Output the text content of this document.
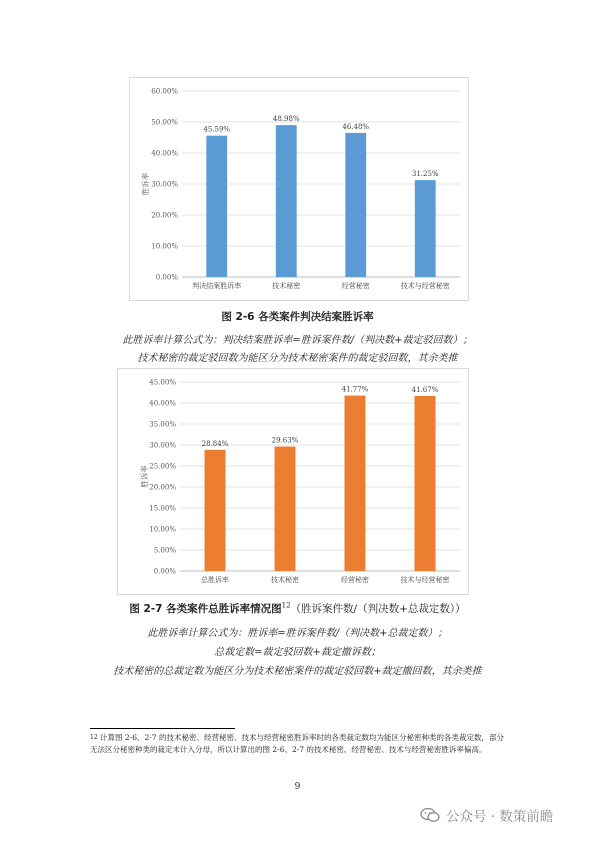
0.00%
10.00%
20.00%
30.00%
40.00%
50.00%
60.00%
45.59%
判决结案胜诉率
48.98%
技术秘密
46.48%
经营秘密
31.25%
技术与经营秘密
胜诉率
图 2-6 各类案件判决结案胜诉率
此胜诉率计算公式为：判决结案胜诉率=胜诉案件数/（判决数+裁定驳回数）；
技术秘密的裁定驳回数为能区分为技术秘密案件的裁定驳回数，其余类推
0.00%
5.00%
10.00%
15.00%
20.00%
25.00%
30.00%
35.00%
40.00%
45.00%
28.84%
总胜诉率
29.63%
技术秘密
41.77%
经营秘密
41.67%
技术与经营秘密
胜诉率
图 2-7 各类案件总胜诉率情况图$^{12}$（胜诉案件数/（判决数+总裁定数））
此胜诉率计算公式为：胜诉率=胜诉案件数/（判决数+总裁定数）；
总裁定数=裁定驳回数+裁定撤诉数；
技术秘密的总裁定数为能区分为技术秘密案件的裁定驳回数+裁定撤回数，其余类推
$^{12}$ 计算图 2-6、2-7 的技术秘密、经营秘密、技术与经营秘密胜诉率时的各类裁定数均为能区分秘密种类的各类裁定数，部分无法区分秘密种类的裁定未计入分母，所以计算出的图 2-6、2-7 的技术秘密、经营秘密、技术与经营秘密胜诉率偏高。
9
公众号 · 数策前瞻
